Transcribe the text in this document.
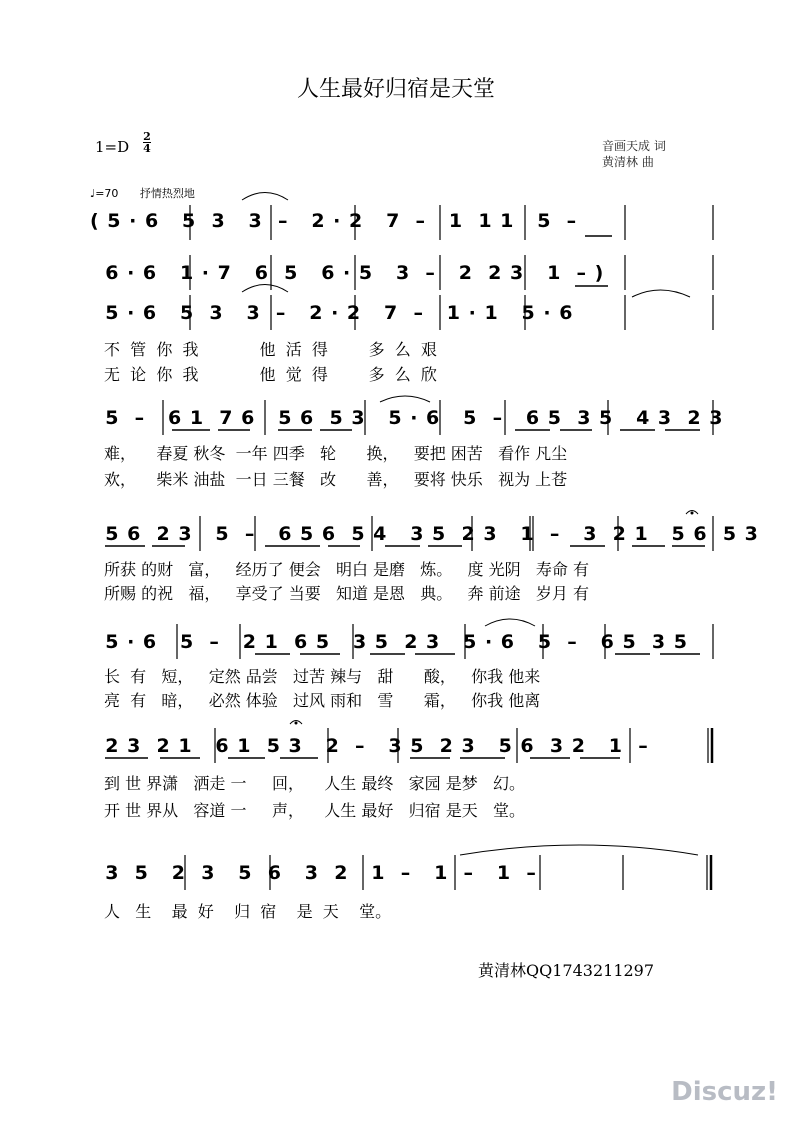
人生最好归宿是天堂
1=D
2
4	音画天成 词
黄清林 曲
♩=70 抒情热烈地
( 5 · 6   5  3   3  –   2 · 2   7  –   1  1 1   5  –
6 · 6   1 · 7   6  5   6 · 5   3  –   2  2 3   1  – )
5 · 6   5  3   3  –   2 · 2   7  –   1 · 1   5 · 6
不  管  你  我            他  活  得        多  么  艰
无  论  你  我            他  觉  得        多  么  欣
5  –   6 1  7 6   5 6  5 3   5 · 6   5  –   6 5  3 5   4 3  2 3
难，    春夏 秋冬  一年 四季   轮      换，   要把 困苦   看作 凡尘
欢，    柴米 油盐  一日 三餐   改      善，   要将 快乐   视为 上苍
5 6  2 3   5  –   6 5 6  5 4   3 5  2 3   1  –   3  2 1   5 6  5 3
所获 的财   富，   经历了 便会   明白 是磨   炼。   度 光阴   寿命 有
所赐 的祝   福，   享受了 当要   知道 是恩   典。   奔 前途   岁月 有
5 · 6   5  –   2 1  6 5   3 5  2 3   5 · 6   5  –   6 5  3 5
长  有   短，   定然 品尝   过苦 辣与   甜      酸，   你我 他来
亮  有   暗，   必然 体验   过风 雨和   雪      霜，   你我 他离
2 3  2 1   6 1  5 3   2  –   3 5  2 3   5 6  3 2   1  –
到 世 界潇   洒走 一     回，    人生 最终   家园 是梦   幻。
开 世 界从   容道 一     声，    人生 最好   归宿 是天   堂。
3  5   2  3   5  6   3  2   1  –   1  –   1  –
人   生    最  好    归  宿    是  天    堂。
黄清林QQ1743211297
Discuz!
